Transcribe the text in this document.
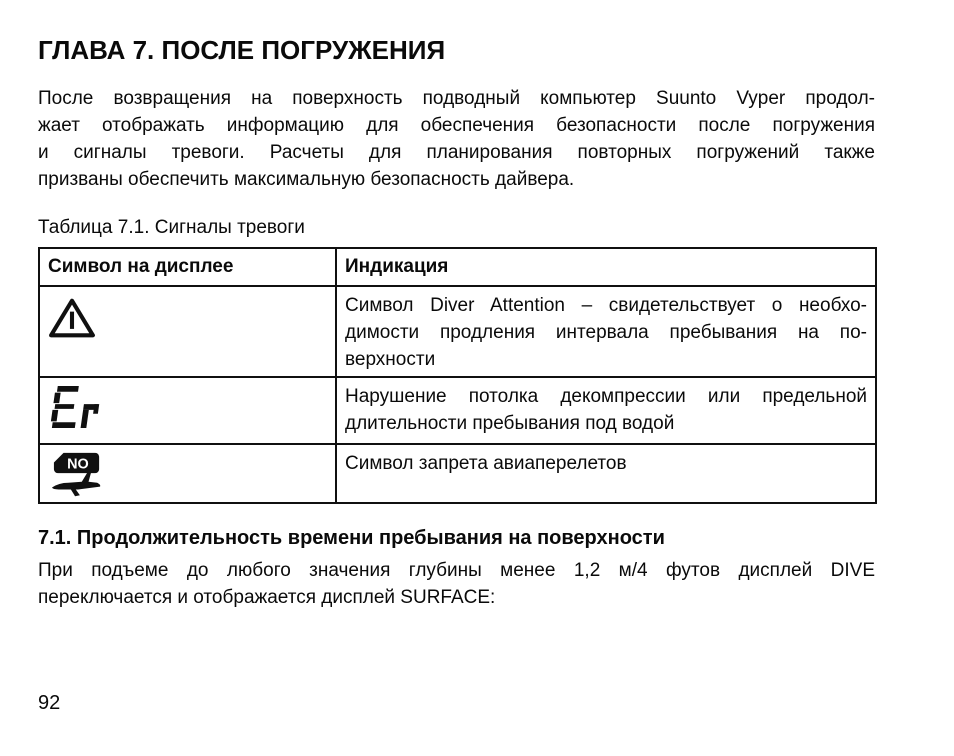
ГЛАВА 7. ПОСЛЕ ПОГРУЖЕНИЯ
После возвращения на поверхность подводный компьютер Suunto Vyper продол-
жает отображать информацию для обеспечения безопасности после погружения
и сигналы тревоги. Расчеты для планирования повторных погружений также
призваны обеспечить максимальную безопасность дайвера.
Таблица 7.1. Сигналы тревоги
Символ на дисплее	Индикация

Символ Diver Attention – свидетельствует о необхо-
димости продления интервала пребывания на по-
верхности

Нарушение потолка декомпрессии или предельной
длительности пребывания под водой

NO	Символ запрета авиаперелетов
7.1. Продолжительность времени пребывания на поверхности
При подъеме до любого значения глубины менее 1,2 м/4 футов дисплей DIVE
переключается и отображается дисплей SURFACE:
92
